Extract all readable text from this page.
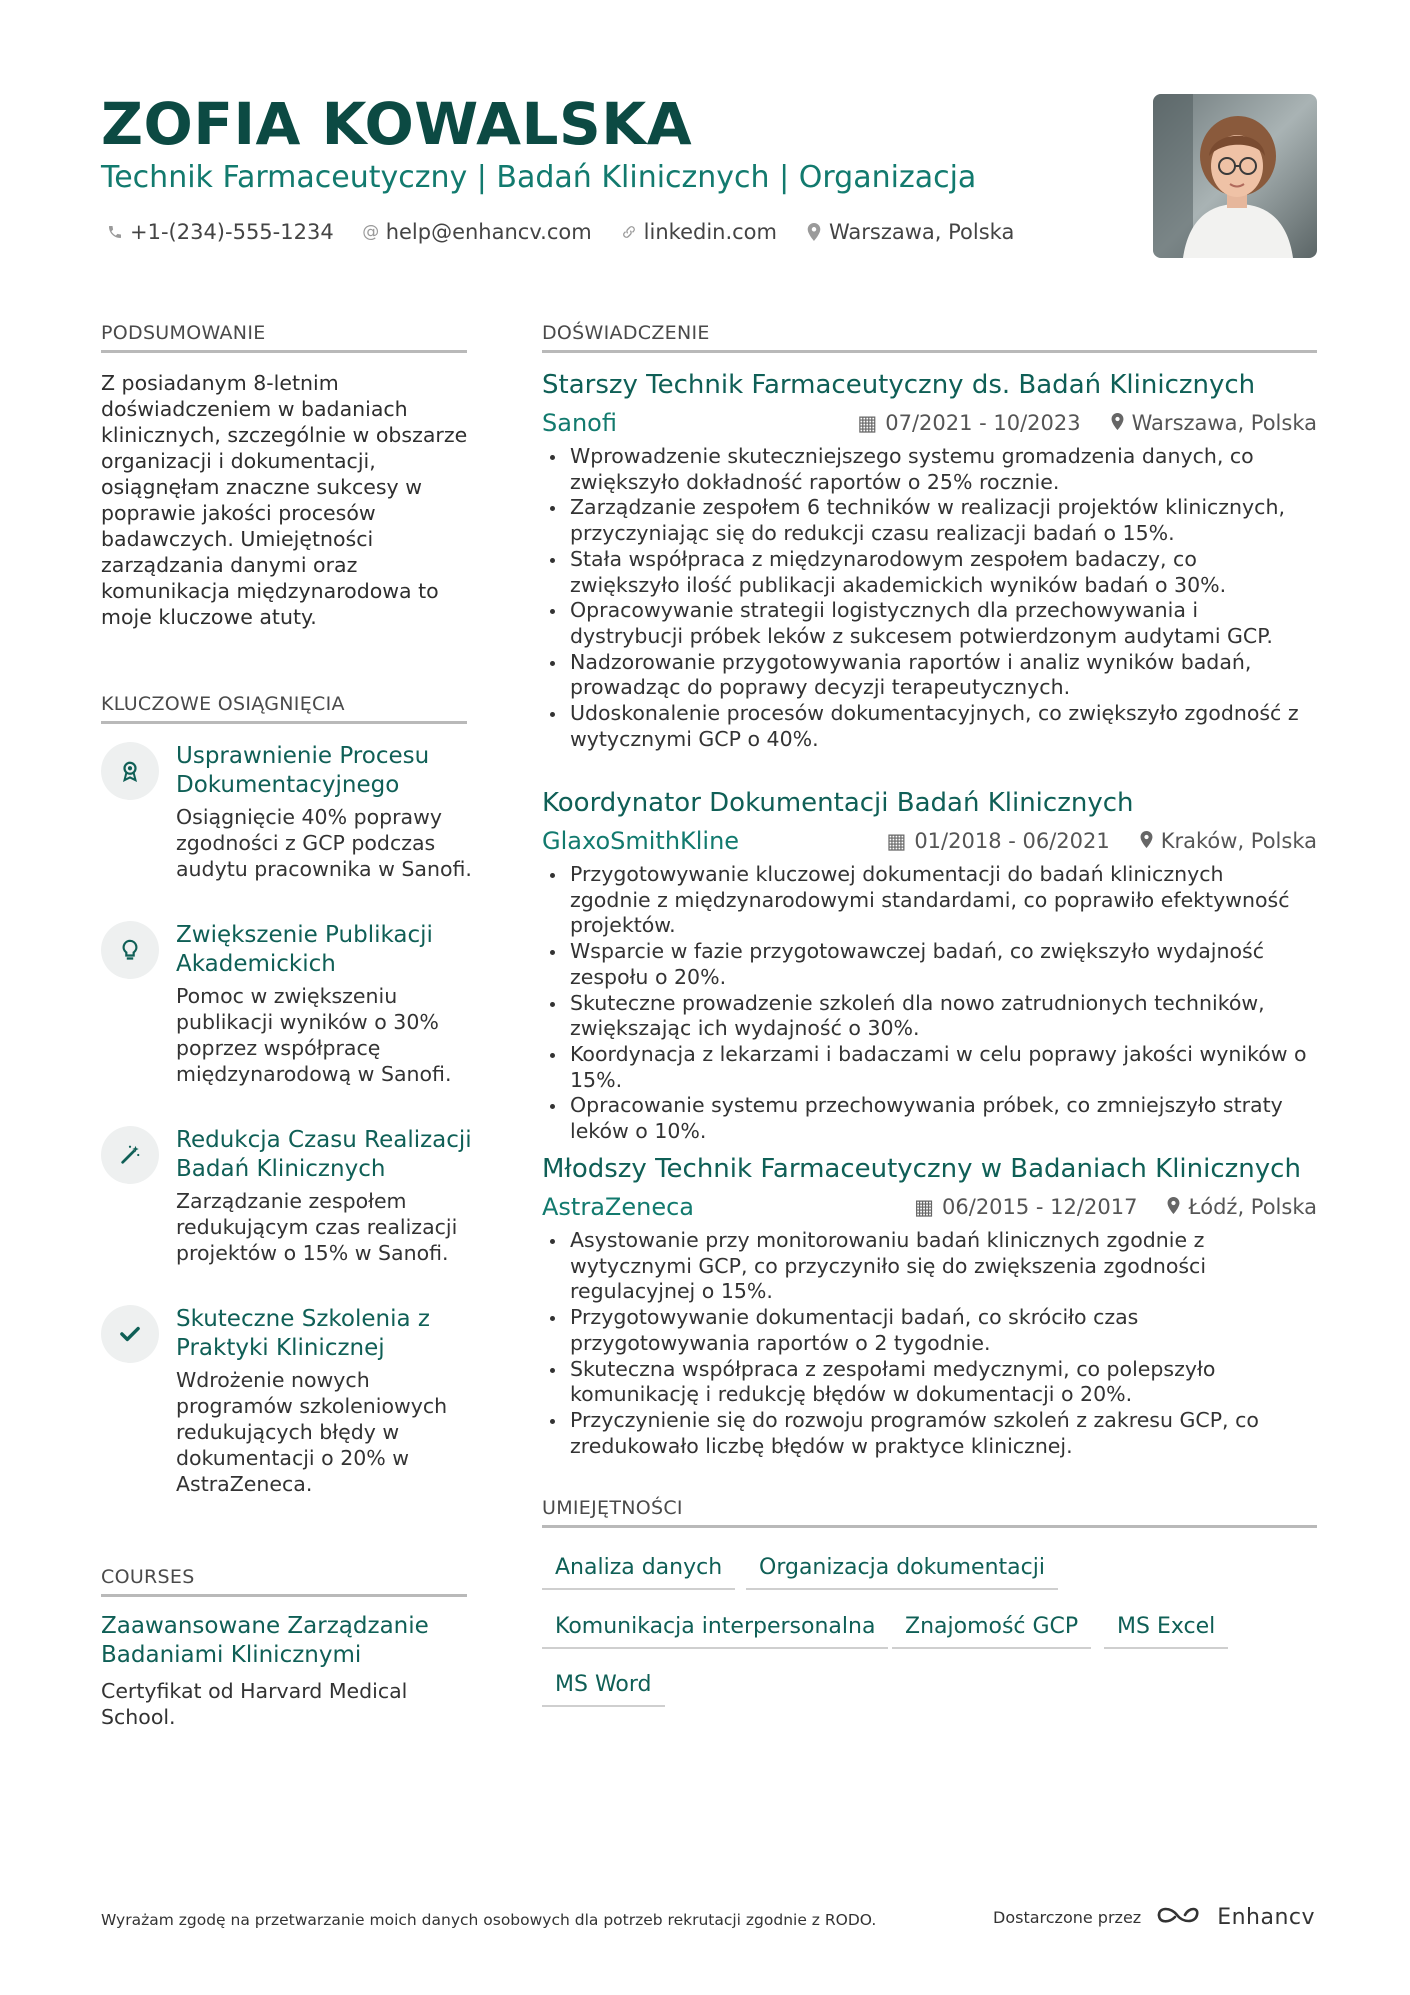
ZOFIA KOWALSKA
Technik Farmaceutyczny | Badań Klinicznych | Organizacja
+1-(234)-555-1234 @ help@enhancv.com linkedin.com Warszawa, Polska
PODSUMOWANIE
Z posiadanym 8-letnim doświadczeniem w badaniach klinicznych, szczególnie w obszarze organizacji i dokumentacji, osiągnęłam znaczne sukcesy w poprawie jakości procesów badawczych. Umiejętności zarządzania danymi oraz komunikacja międzynarodowa to moje kluczowe atuty.
KLUCZOWE OSIĄGNIĘCIA
Usprawnienie Procesu Dokumentacyjnego
Osiągnięcie 40% poprawy zgodności z GCP podczas audytu pracownika w Sanofi.
Zwiększenie Publikacji Akademickich
Pomoc w zwiększeniu publikacji wyników o 30% poprzez współpracę międzynarodową w Sanofi.
Redukcja Czasu Realizacji Badań Klinicznych
Zarządzanie zespołem redukującym czas realizacji projektów o 15% w Sanofi.
Skuteczne Szkolenia z Praktyki Klinicznej
Wdrożenie nowych programów szkoleniowych redukujących błędy w dokumentacji o 20% w AstraZeneca.
COURSES
Zaawansowane Zarządzanie Badaniami Klinicznymi
Certyfikat od Harvard Medical School.
DOŚWIADCZENIE
Starszy Technik Farmaceutyczny ds. Badań Klinicznych
Sanofi	▦ 07/2021 - 10/2023	Warszawa, Polska
Wprowadzenie skuteczniejszego systemu gromadzenia danych, co zwiększyło dokładność raportów o 25% rocznie.
Zarządzanie zespołem 6 techników w realizacji projektów klinicznych, przyczyniając się do redukcji czasu realizacji badań o 15%.
Stała współpraca z międzynarodowym zespołem badaczy, co zwiększyło ilość publikacji akademickich wyników badań o 30%.
Opracowywanie strategii logistycznych dla przechowywania i dystrybucji próbek leków z sukcesem potwierdzonym audytami GCP.
Nadzorowanie przygotowywania raportów i analiz wyników badań, prowadząc do poprawy decyzji terapeutycznych.
Udoskonalenie procesów dokumentacyjnych, co zwiększyło zgodność z wytycznymi GCP o 40%.
Koordynator Dokumentacji Badań Klinicznych
GlaxoSmithKline	▦ 01/2018 - 06/2021	Kraków, Polska
Przygotowywanie kluczowej dokumentacji do badań klinicznych zgodnie z międzynarodowymi standardami, co poprawiło efektywność projektów.
Wsparcie w fazie przygotowawczej badań, co zwiększyło wydajność zespołu o 20%.
Skuteczne prowadzenie szkoleń dla nowo zatrudnionych techników, zwiększając ich wydajność o 30%.
Koordynacja z lekarzami i badaczami w celu poprawy jakości wyników o 15%.
Opracowanie systemu przechowywania próbek, co zmniejszyło straty leków o 10%.
Młodszy Technik Farmaceutyczny w Badaniach Klinicznych
AstraZeneca	▦ 06/2015 - 12/2017	Łódź, Polska
Asystowanie przy monitorowaniu badań klinicznych zgodnie z wytycznymi GCP, co przyczyniło się do zwiększenia zgodności regulacyjnej o 15%.
Przygotowywanie dokumentacji badań, co skróciło czas przygotowywania raportów o 2 tygodnie.
Skuteczna współpraca z zespołami medycznymi, co polepszyło komunikację i redukcję błędów w dokumentacji o 20%.
Przyczynienie się do rozwoju programów szkoleń z zakresu GCP, co zredukowało liczbę błędów w praktyce klinicznej.
UMIEJĘTNOŚCI
Analiza danych	Organizacja dokumentacji
Komunikacja interpersonalna	Znajomość GCP	MS Excel
MS Word
Wyrażam zgodę na przetwarzanie moich danych osobowych dla potrzeb rekrutacji zgodnie z RODO.	Dostarczone przez	Enhancv
